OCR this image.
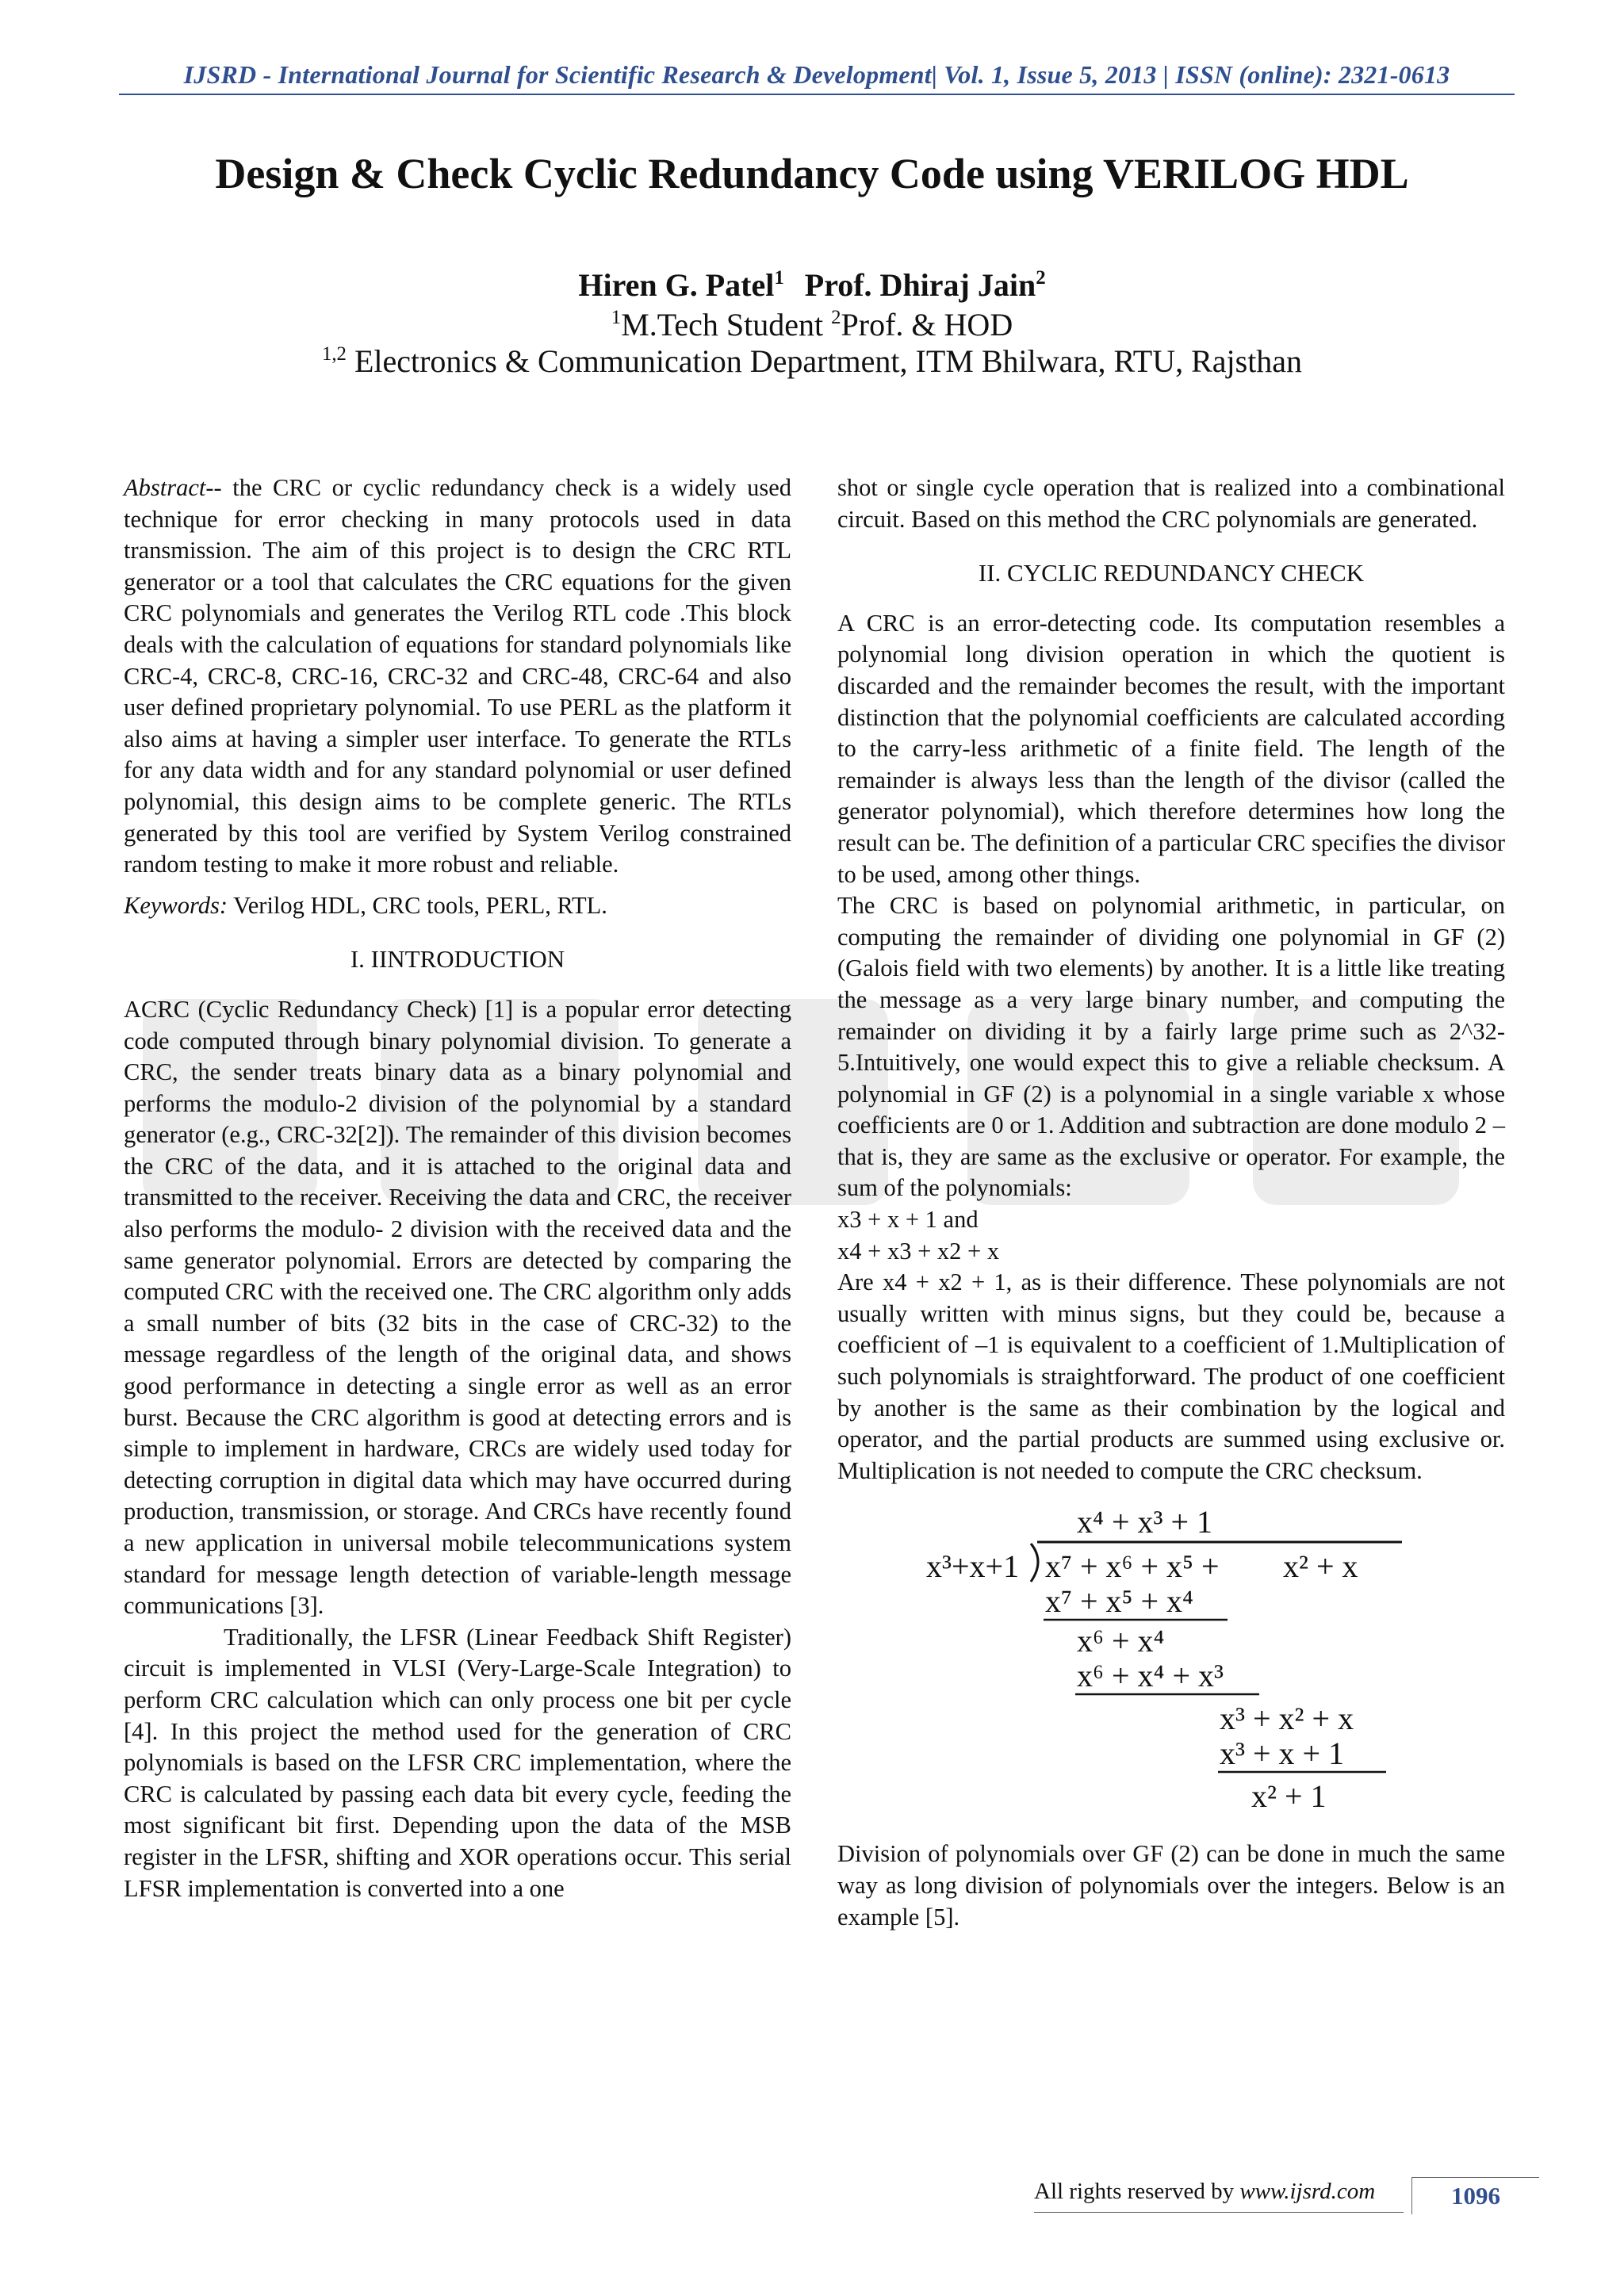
IJSRD - International Journal for Scientific Research & Development| Vol. 1, Issue 5, 2013 | ISSN (online): 2321-0613
Design & Check Cyclic Redundancy Code using VERILOG HDL
Hiren G. Patel$^1$ Prof. Dhiraj Jain$^2$
$^1$M.Tech Student $^2$Prof. & HOD
$^{1,2}$ Electronics & Communication Department, ITM Bhilwara, RTU, Rajsthan

Abstract-- the CRC or cyclic redundancy check is a widely used technique for error checking in many protocols used in data transmission. The aim of this project is to design the CRC RTL generator or a tool that calculates the CRC equations for the given CRC polynomials and generates the Verilog RTL code .This block deals with the calculation of equations for standard polynomials like CRC-4, CRC-8, CRC-16, CRC-32 and CRC-48, CRC-64 and also user defined proprietary polynomial. To use PERL as the platform it also aims at having a simpler user interface. To generate the RTLs for any data width and for any standard polynomial or user defined polynomial, this design aims to be complete generic. The RTLs generated by this tool are verified by System Verilog constrained random testing to make it more robust and reliable.

Keywords: Verilog HDL, CRC tools, PERL, RTL.

I. IINTRODUCTION

ACRC (Cyclic Redundancy Check) [1] is a popular error detecting code computed through binary polynomial division. To generate a CRC, the sender treats binary data as a binary polynomial and performs the modulo-2 division of the polynomial by a standard generator (e.g., CRC-32[2]). The remainder of this division becomes the CRC of the data, and it is attached to the original data and transmitted to the receiver. Receiving the data and CRC, the receiver also performs the modulo- 2 division with the received data and the same generator polynomial. Errors are detected by comparing the computed CRC with the received one. The CRC algorithm only adds a small number of bits (32 bits in the case of CRC-32) to the message regardless of the length of the original data, and shows good performance in detecting a single error as well as an error burst. Because the CRC algorithm is good at detecting errors and is simple to implement in hardware, CRCs are widely used today for detecting corruption in digital data which may have occurred during production, transmission, or storage. And CRCs have recently found a new application in universal mobile telecommunications system standard for message length detection of variable-length message communications [3].

Traditionally, the LFSR (Linear Feedback Shift Register) circuit is implemented in VLSI (Very-Large-Scale Integration) to perform CRC calculation which can only process one bit per cycle [4]. In this project the method used for the generation of CRC polynomials is based on the LFSR CRC implementation, where the CRC is calculated by passing each data bit every cycle, feeding the most significant bit first. Depending upon the data of the MSB register in the LFSR, shifting and XOR operations occur. This serial LFSR implementation is converted into a one

shot or single cycle operation that is realized into a combinational circuit. Based on this method the CRC polynomials are generated.

II. CYCLIC REDUNDANCY CHECK

A CRC is an error-detecting code. Its computation resembles a polynomial long division operation in which the quotient is discarded and the remainder becomes the result, with the important distinction that the polynomial coefficients are calculated according to the carry-less arithmetic of a finite field. The length of the remainder is always less than the length of the divisor (called the generator polynomial), which therefore determines how long the result can be. The definition of a particular CRC specifies the divisor to be used, among other things.

The CRC is based on polynomial arithmetic, in particular, on computing the remainder of dividing one polynomial in GF (2) (Galois field with two elements) by another. It is a little like treating the message as a very large binary number, and computing the remainder on dividing it by a fairly large prime such as 2^32-5.Intuitively, one would expect this to give a reliable checksum. A polynomial in GF (2) is a polynomial in a single variable x whose coefficients are 0 or 1. Addition and subtraction are done modulo 2 – that is, they are same as the exclusive or operator. For example, the sum of the polynomials:

x3 + x + 1 and

x4 + x3 + x2 + x

Are x4 + x2 + 1, as is their difference. These polynomials are not usually written with minus signs, but they could be, because a coefficient of –1 is equivalent to a coefficient of 1.Multiplication of such polynomials is straightforward. The product of one coefficient by another is the same as their combination by the logical and operator, and the partial products are summed using exclusive or. Multiplication is not needed to compute the CRC checksum.

x⁴ + x³ + 1
x³+x+1 x⁷ + x⁶ + x⁵ + x² + x
x⁷ + x⁵ + x⁴
x⁶ + x⁴
x⁶ + x⁴ + x³
x³ + x² + x
x³ + x + 1
x² + 1

Division of polynomials over GF (2) can be done in much the same way as long division of polynomials over the integers. Below is an example [5].

All rights reserved by www.ijsrd.com	1096
